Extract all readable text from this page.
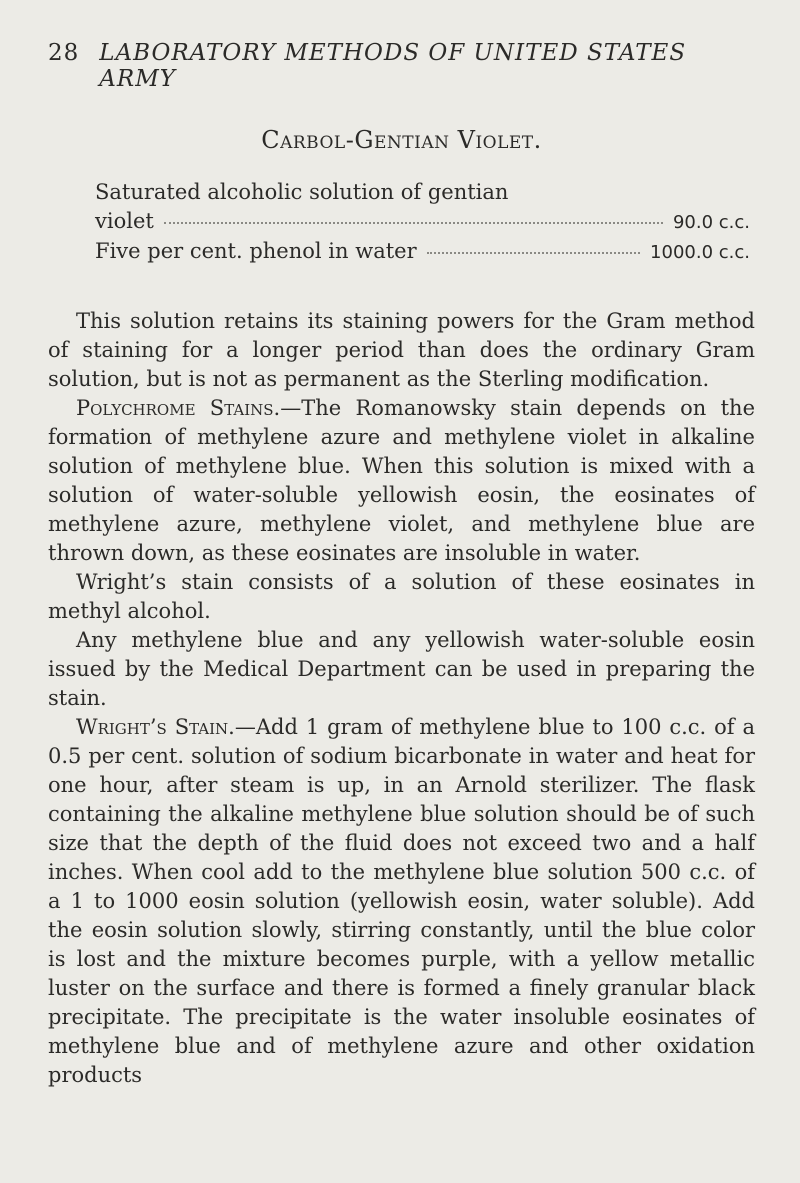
28 LABORATORY METHODS OF UNITED STATES ARMY
Carbol-Gentian Violet.
Saturated alcoholic solution of gentian
violet	90.0 c.c.
Five per cent. phenol in water	1000.0 c.c.

This solution retains its staining powers for the Gram method of staining for a longer period than does the ordinary Gram solution, but is not as permanent as the Sterling modification.

Polychrome Stains.—The Romanowsky stain depends on the formation of methylene azure and methylene violet in alkaline solution of methylene blue. When this solution is mixed with a solution of water-soluble yellowish eosin, the eosinates of methylene azure, methylene violet, and methylene blue are thrown down, as these eosinates are insoluble in water.

Wright’s stain consists of a solution of these eosinates in methyl alcohol.

Any methylene blue and any yellowish water-soluble eosin issued by the Medical Department can be used in preparing the stain.

Wright’s Stain.—Add 1 gram of methylene blue to 100 c.c. of a 0.5 per cent. solution of sodium bicarbonate in water and heat for one hour, after steam is up, in an Arnold sterilizer. The flask containing the alkaline methylene blue solution should be of such size that the depth of the fluid does not exceed two and a half inches. When cool add to the methylene blue solution 500 c.c. of a 1 to 1000 eosin solution (yellowish eosin, water soluble). Add the eosin solution slowly, stirring constantly, until the blue color is lost and the mixture becomes purple, with a yellow metallic luster on the surface and there is formed a finely granular black precipitate. The precipitate is the water insoluble eosinates of methylene blue and of methylene azure and other oxidation products
